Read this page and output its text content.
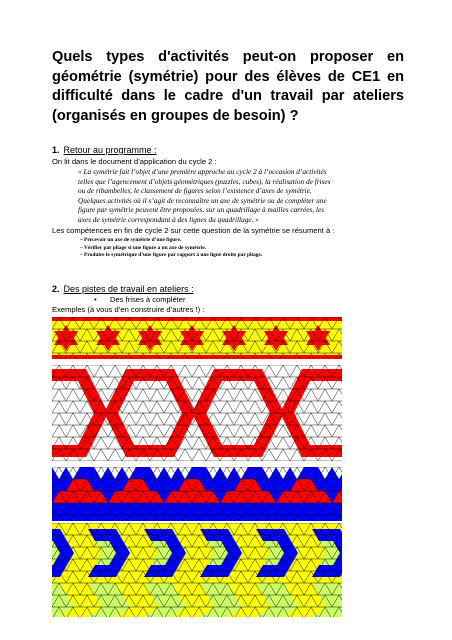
Quels types d'activités peut-on proposer en géométrie (symétrie) pour des élèves de CE1 en difficulté dans le cadre d'un travail par ateliers (organisés en groupes de besoin) ?
1. Retour au programme :
On lit dans le document d’application du cycle 2 :

« La symétrie fait l’objet d’une première approche au cycle 2 à l’occasion d’activités

telles que l’agencement d’objets géométriques (puzzles, cubes), la réalisation de frises

ou de ribambelles, le classement de figures selon l’existence d’axes de symétrie.

Quelques activités où il s’agit de reconnaître un axe de symétrie ou de compléter une

figure par symétrie peuvent être proposées, sur un quadrillage à mailles carrées, les

axes de symétrie correspondant à des lignes du quadrillage. »

Les compétences en fin de cycle 2 sur cette question de la symétrie se résument à :
– Percevoir un axe de symétrie d’une figure.
– Vérifier par pliage si une figure a un axe de symétrie.
– Produire le symétrique d’une figure par rapport à une ligne droite par pliage.
2. Des pistes de travail en ateliers :
• Des frises à compléter
Exemples (à vous d’en construire d’autres !) :
